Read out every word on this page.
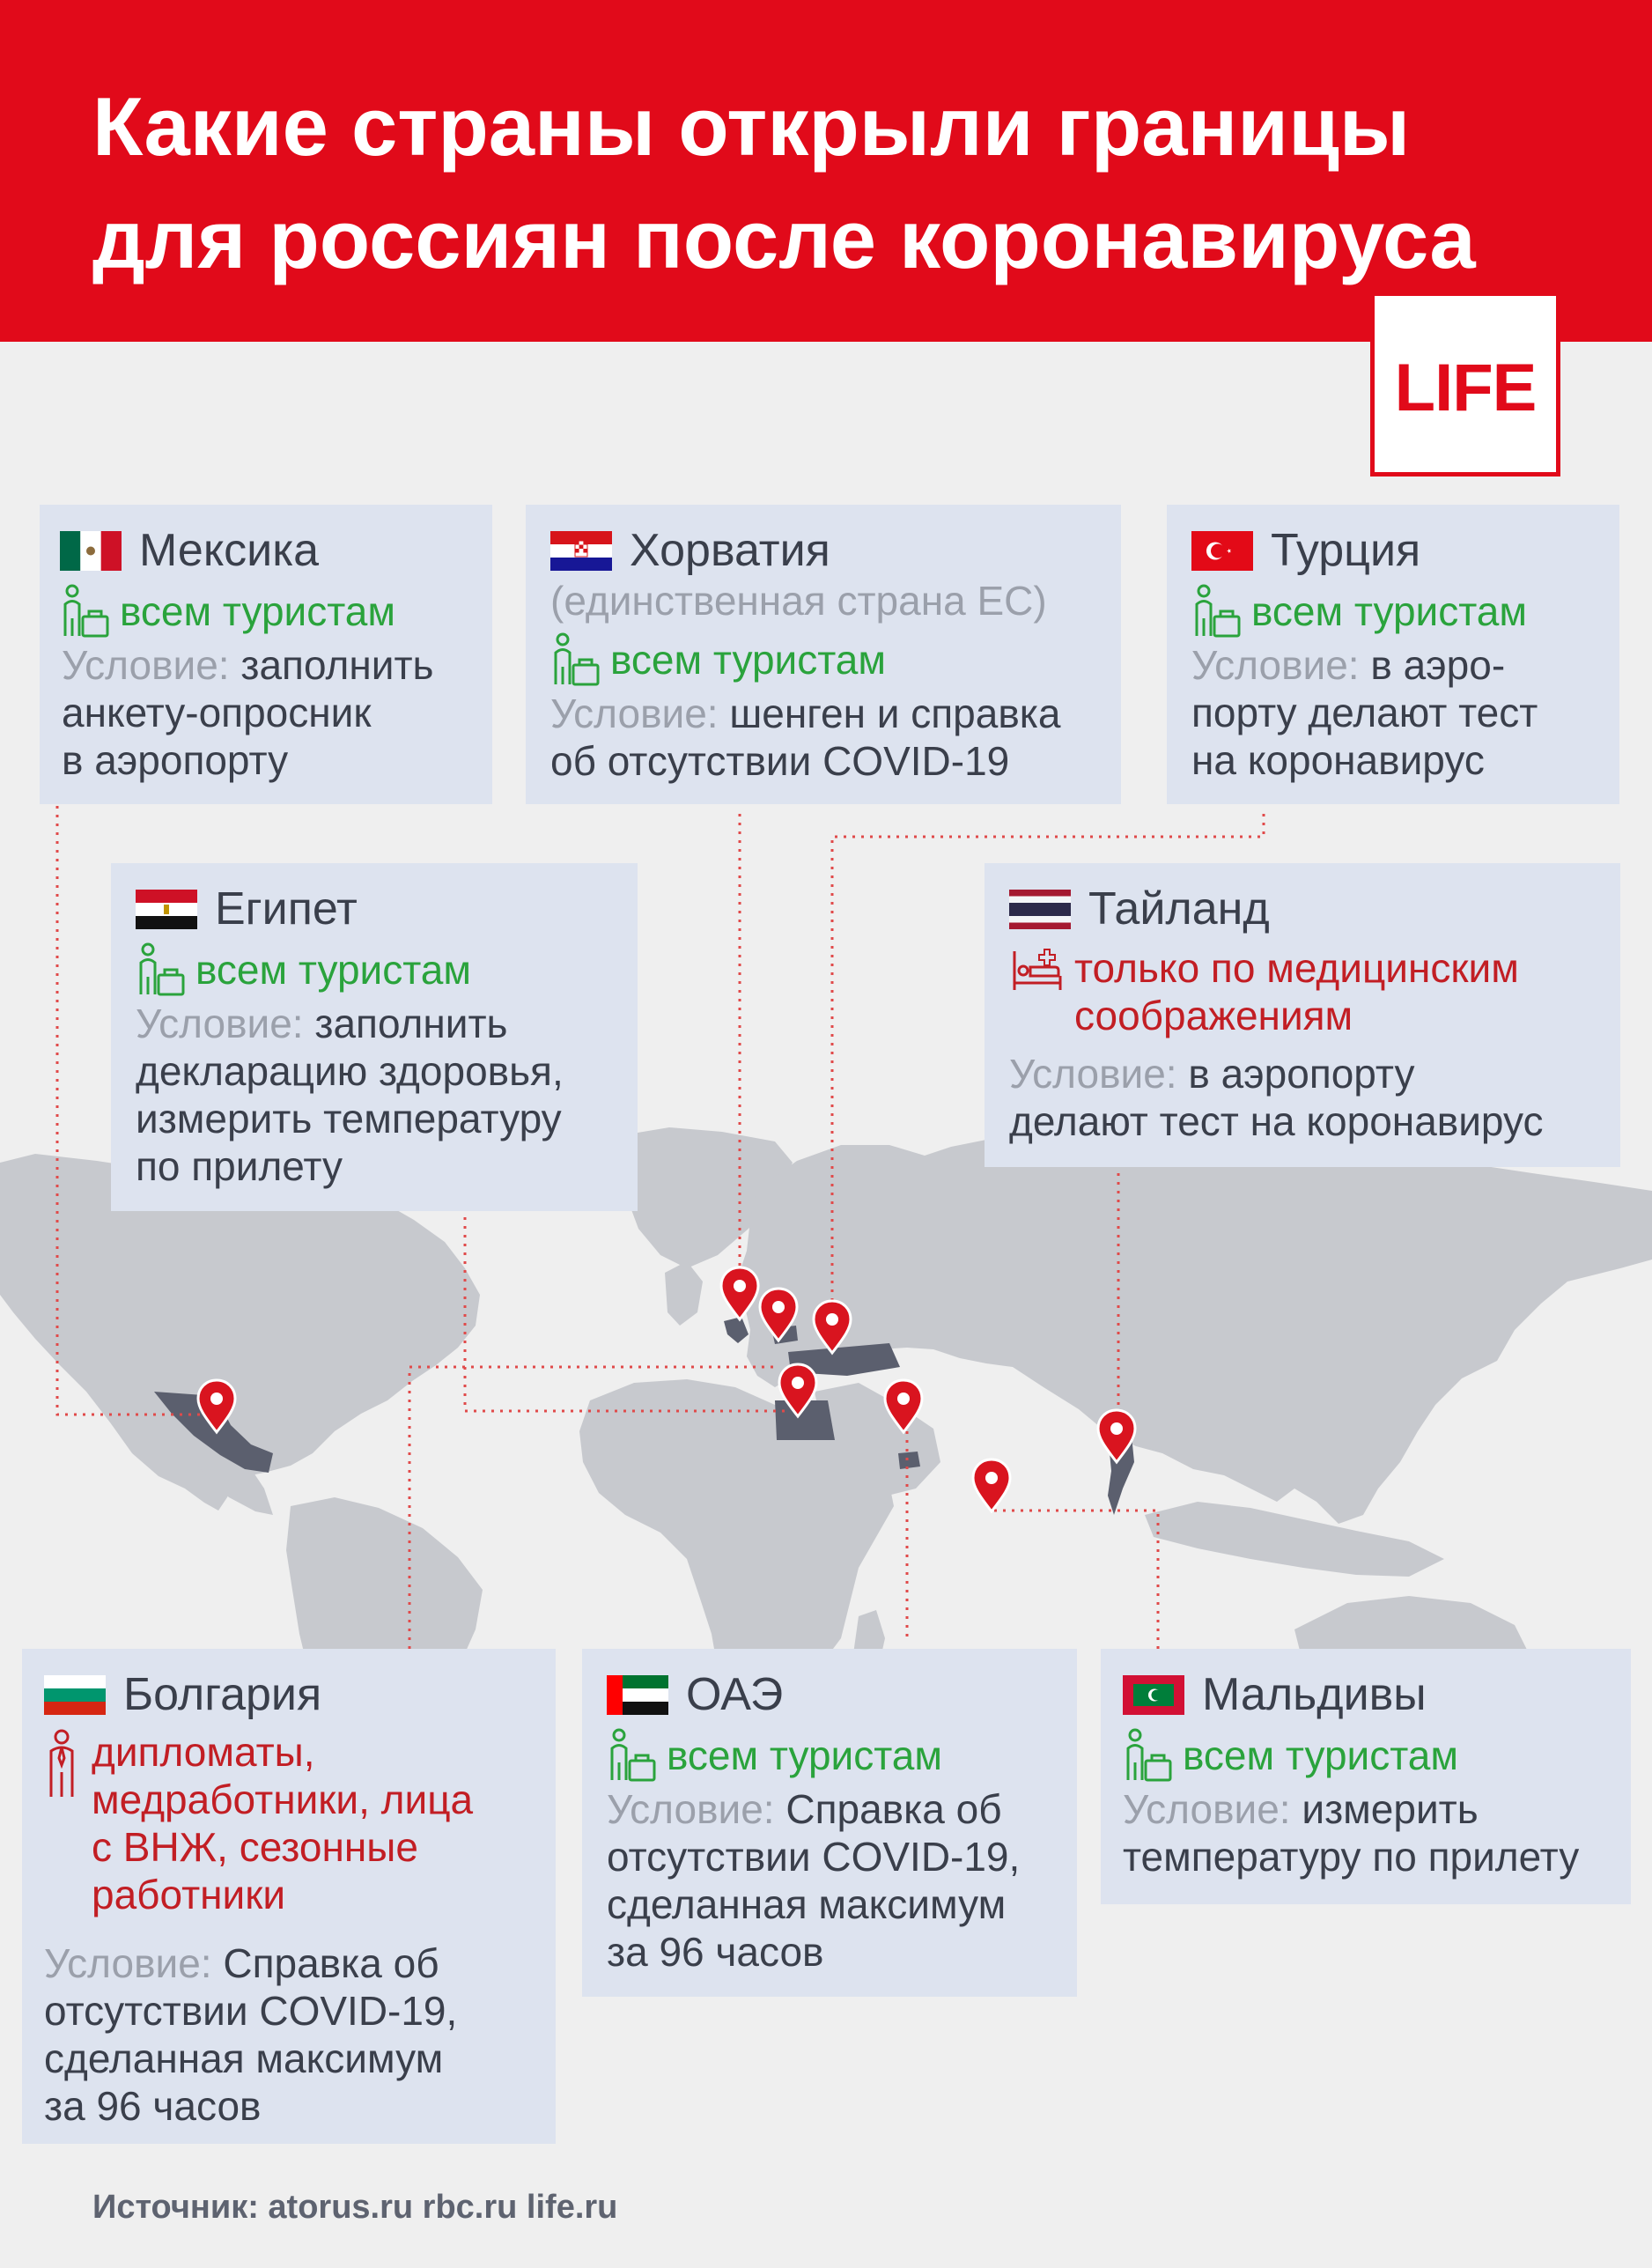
Какие страны открыли границы
для россиян после коронавируса
LIFE
Мексика
всем туристам
Условие: заполнить
анкету-опросник
в аэропорту
Хорватия
(единственная страна ЕС)
всем туристам
Условие: шенген и справка
об отсутствии COVID-19
Турция
всем туристам
Условие: в аэро-
порту делают тест
на коронавирус
Египет
всем туристам
Условие: заполнить
декларацию здоровья,
измерить температуру
по прилету
Тайланд
только по медицинским
соображениям
Условие: в аэропорту
делают тест на коронавирус
Болгария
дипломаты,
медработники, лица
с ВНЖ, сезонные
работники
Условие: Справка об
отсутствии COVID-19,
сделанная максимум
за 96 часов
ОАЭ
всем туристам
Условие: Справка об
отсутствии COVID-19,
сделанная максимум
за 96 часов
Мальдивы
всем туристам
Условие: измерить
температуру по прилету
Источник: atorus.ru rbc.ru life.ru
